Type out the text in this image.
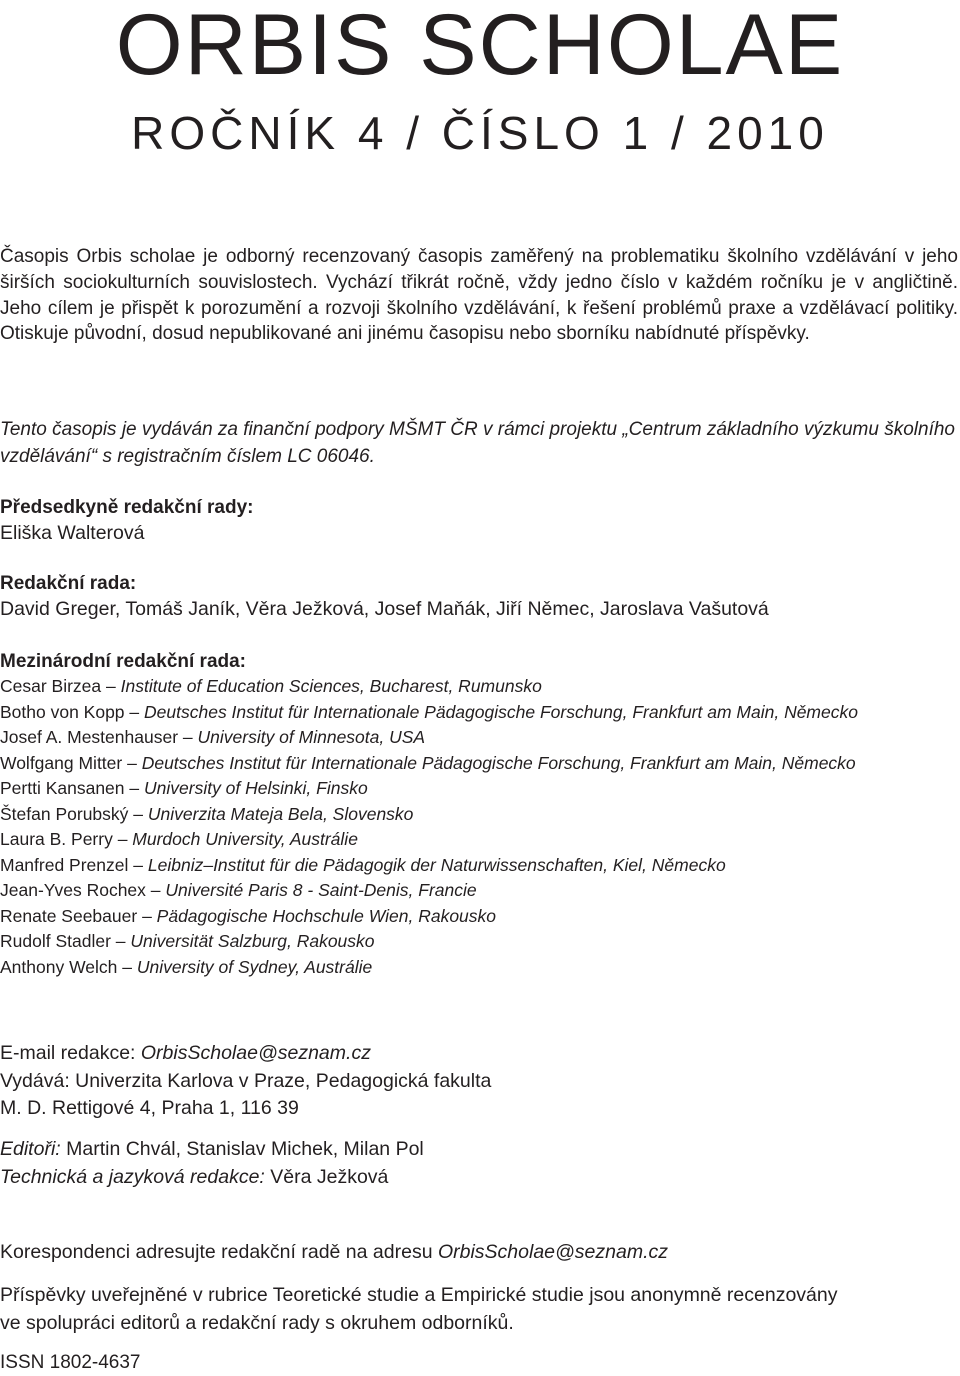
ORBIS SCHOLAE
ROČNÍK 4 / ČÍSLO 1 / 2010
Časopis Orbis scholae je odborný recenzovaný časopis zaměřený na problematiku školního vzdělávání v jeho širších sociokulturních souvislostech. Vychází třikrát ročně, vždy jedno číslo v každém ročníku je v angličtině. Jeho cílem je přispět k porozumění a rozvoji školního vzdělávání, k řešení problémů praxe a vzdělávací politiky. Otiskuje původní, dosud nepublikované ani jinému časopisu nebo sborníku nabídnuté příspěvky.
Tento časopis je vydáván za finanční podpory MŠMT ČR v rámci projektu „Centrum základního výzkumu školního vzdělávání“ s registračním číslem LC 06046.
Předsedkyně redakční rady:
Eliška Walterová
Redakční rada:
David Greger, Tomáš Janík, Věra Ježková, Josef Maňák, Jiří Němec, Jaroslava Vašutová
Mezinárodní redakční rada:
Cesar Birzea – Institute of Education Sciences, Bucharest, Rumunsko
Botho von Kopp – Deutsches Institut für Internationale Pädagogische Forschung, Frankfurt am Main, Německo
Josef A. Mestenhauser – University of Minnesota, USA
Wolfgang Mitter – Deutsches Institut für Internationale Pädagogische Forschung, Frankfurt am Main, Německo
Pertti Kansanen – University of Helsinki, Finsko
Štefan Porubský – Univerzita Mateja Bela, Slovensko
Laura B. Perry – Murdoch University, Austrálie
Manfred Prenzel – Leibniz–Institut für die Pädagogik der Naturwissenschaften, Kiel, Německo
Jean-Yves Rochex – Université Paris 8 - Saint-Denis, Francie
Renate Seebauer – Pädagogische Hochschule Wien, Rakousko
Rudolf Stadler – Universität Salzburg, Rakousko
Anthony Welch – University of Sydney, Austrálie
E-mail redakce: OrbisScholae@seznam.cz
Vydává: Univerzita Karlova v Praze, Pedagogická fakulta
M. D. Rettigové 4, Praha 1, 116 39
Editoři: Martin Chvál, Stanislav Michek, Milan Pol
Technická a jazyková redakce: Věra Ježková
Korespondenci adresujte redakční radě na adresu OrbisScholae@seznam.cz
Příspěvky uveřejněné v rubrice Teoretické studie a Empirické studie jsou anonymně recenzovány
ve spolupráci editorů a redakční rady s okruhem odborníků.
ISSN 1802-4637
